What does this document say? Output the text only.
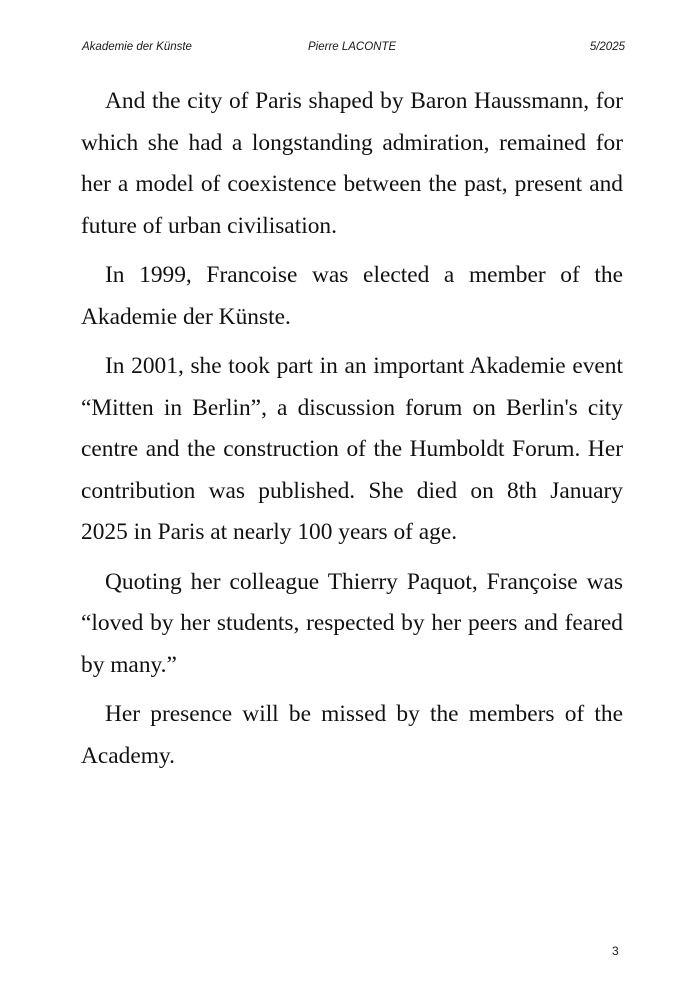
Akademie der Künste	Pierre LACONTE	5/2025

And the city of Paris shaped by Baron Haussmann, for which she had a longstanding admiration, remained for her a model of coexistence between the past, present and future of urban civilisation.

In 1999, Francoise was elected a member of the Akademie der Künste.

In 2001, she took part in an important Akademie event “Mitten in Berlin”, a discussion forum on Berlin's city centre and the construction of the Humboldt Forum. Her contribution was published. She died on 8th January 2025 in Paris at nearly 100 years of age.

Quoting her colleague Thierry Paquot, Françoise was “loved by her students, respected by her peers and feared by many.”

Her presence will be missed by the members of the Academy.

3
